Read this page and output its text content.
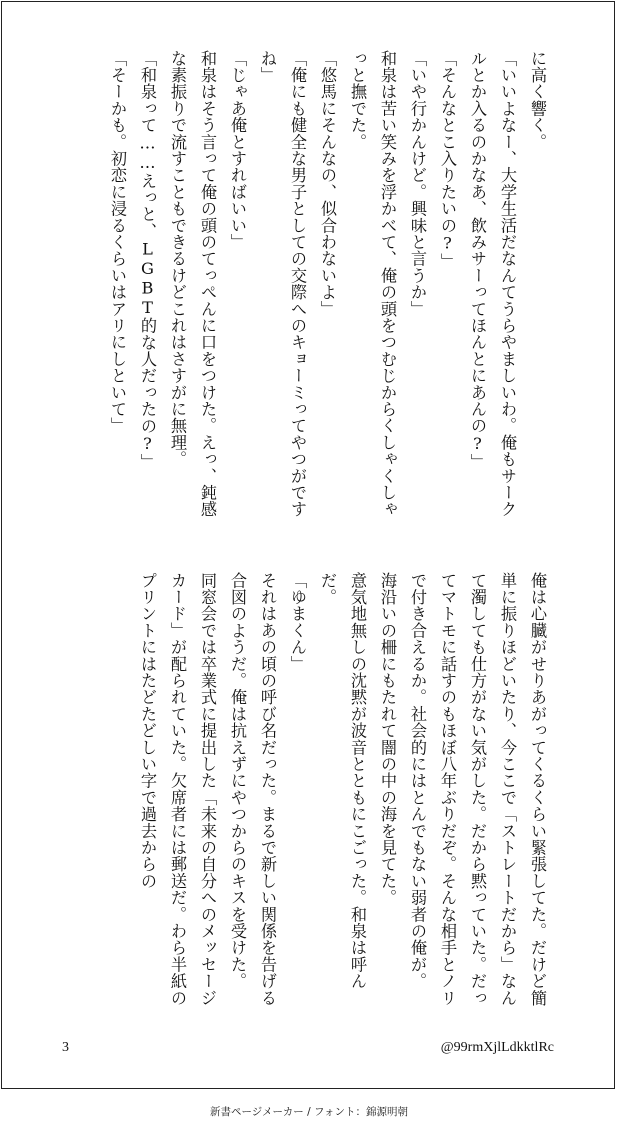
に高く響く。

「いいよなー、大学生活だなんてうらやましいわ。俺もサークルとか入るのかなあ、飲みサーってほんとにあんの?」

「そんなとこ入りたいの?」

「いや行かんけど。興味と言うか」

和泉は苦い笑みを浮かべて、俺の頭をつむじからくしゃくしゃっと撫でた。

「悠馬にそんなの、似合わないよ」

「俺にも健全な男子としての交際へのキョーミってやつがですね」

「じゃあ俺とすればいい」

和泉はそう言って俺の頭のてっぺんに口をつけた。えっ、鈍感な素振りで流すこともできるけどこれはさすがに無理。

「和泉って……えっと、LGBT的な人だったの?」

「そーかも。初恋に浸るくらいはアリにしといて」

俺は心臓がせりあがってくるくらい緊張してた。だけど簡単に振りほどいたり、今ここで「ストレートだから」なんて濁しても仕方がない気がした。だから黙っていた。だってマトモに話すのもほぼ八年ぶりだぞ。そんな相手とノリで付き合えるか。社会的にはとんでもない弱者の俺が。

海沿いの柵にもたれて闇の中の海を見てた。

意気地無しの沈黙が波音とともにこごった。和泉は呼んだ。

「ゆまくん」

それはあの頃の呼び名だった。まるで新しい関係を告げる合図のようだ。俺は抗えずにやつからのキスを受けた。

同窓会では卒業式に提出した「未来の自分へのメッセージカード」が配られていた。欠席者には郵送だ。わら半紙のプリントにはたどたどしい字で過去からの

3	@99rmXjlLdkktlRc
新書ページメーカー / フォント：錦源明朝
